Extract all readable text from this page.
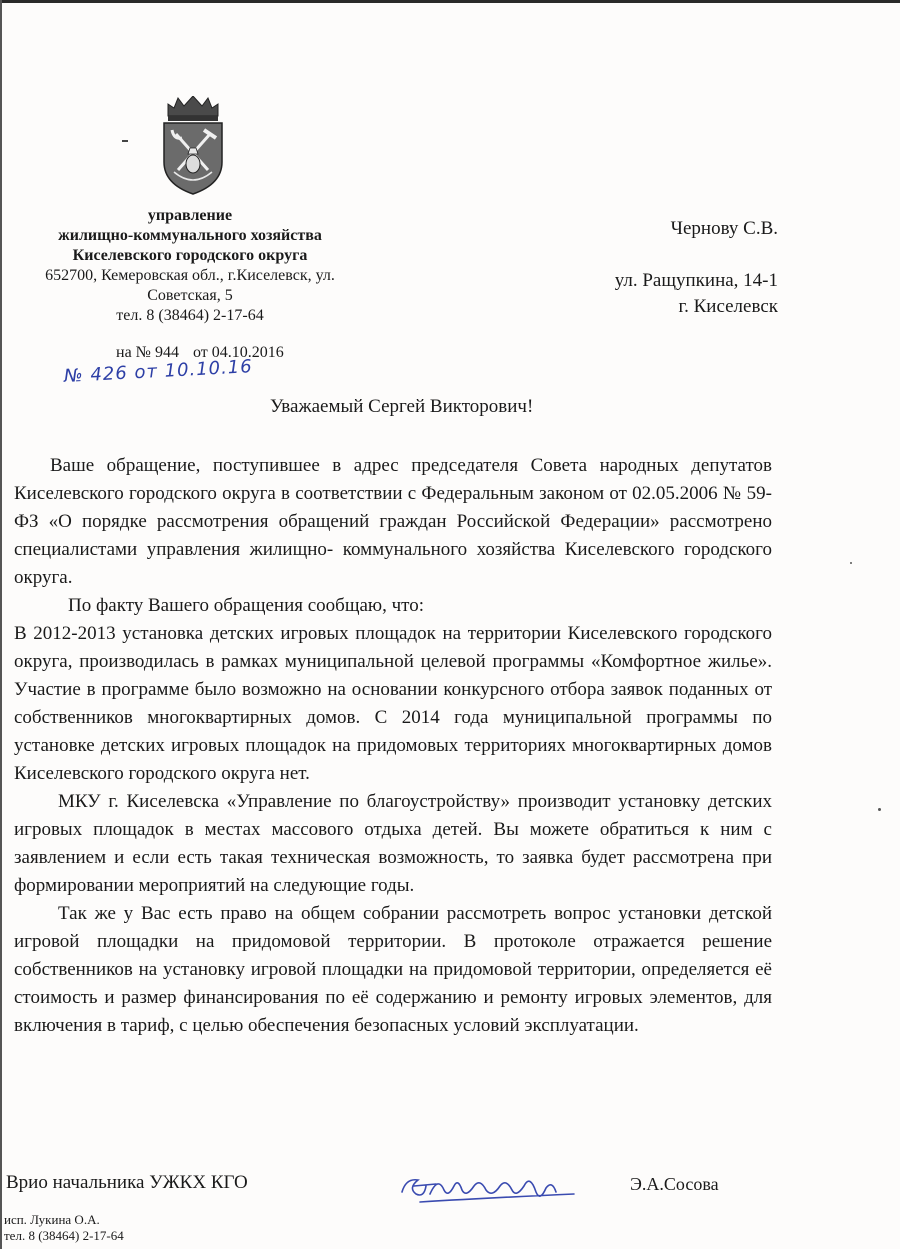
управление
жилищно-коммунального хозяйства
Киселевского городского округа
652700, Кемеровская обл., г.Киселевск, ул.
Советская, 5
тел. 8 (38464) 2-17-64
на № 944 от 04.10.2016
№ 426 от 10.10.16
Чернову С.В.
ул. Ращупкина, 14-1
г. Киселевск
Уважаемый Сергей Викторович!

Ваше обращение, поступившее в адрес председателя Совета народных депутатов Киселевского городского округа в соответствии с Федеральным законом от 02.05.2006 № 59-ФЗ «О порядке рассмотрения обращений граждан Российской Федерации» рассмотрено специалистами управления жилищно- коммунального хозяйства Киселевского городского округа.

По факту Вашего обращения сообщаю, что:

В 2012-2013 установка детских игровых площадок на территории Киселевского городского округа, производилась в рамках муниципальной целевой программы «Комфортное жилье». Участие в программе было возможно на основании конкурсного отбора заявок поданных от собственников многоквартирных домов. С 2014 года муниципальной программы по установке детских игровых площадок на придомовых территориях многоквартирных домов Киселевского городского округа нет.

МКУ г. Киселевска «Управление по благоустройству» производит установку детских игровых площадок в местах массового отдыха детей. Вы можете обратиться к ним с заявлением и если есть такая техническая возможность, то заявка будет рассмотрена при формировании мероприятий на следующие годы.

Так же у Вас есть право на общем собрании рассмотреть вопрос установки детской игровой площадки на придомовой территории. В протоколе отражается решение собственников на установку игровой площадки на придомовой территории, определяется её стоимость и размер финансирования по её содержанию и ремонту игровых элементов, для включения в тариф, с целью обеспечения безопасных условий эксплуатации.

Врио начальника УЖКХ КГО	Э.А.Сосова
исп. Лукина О.А.
тел. 8 (38464) 2-17-64
